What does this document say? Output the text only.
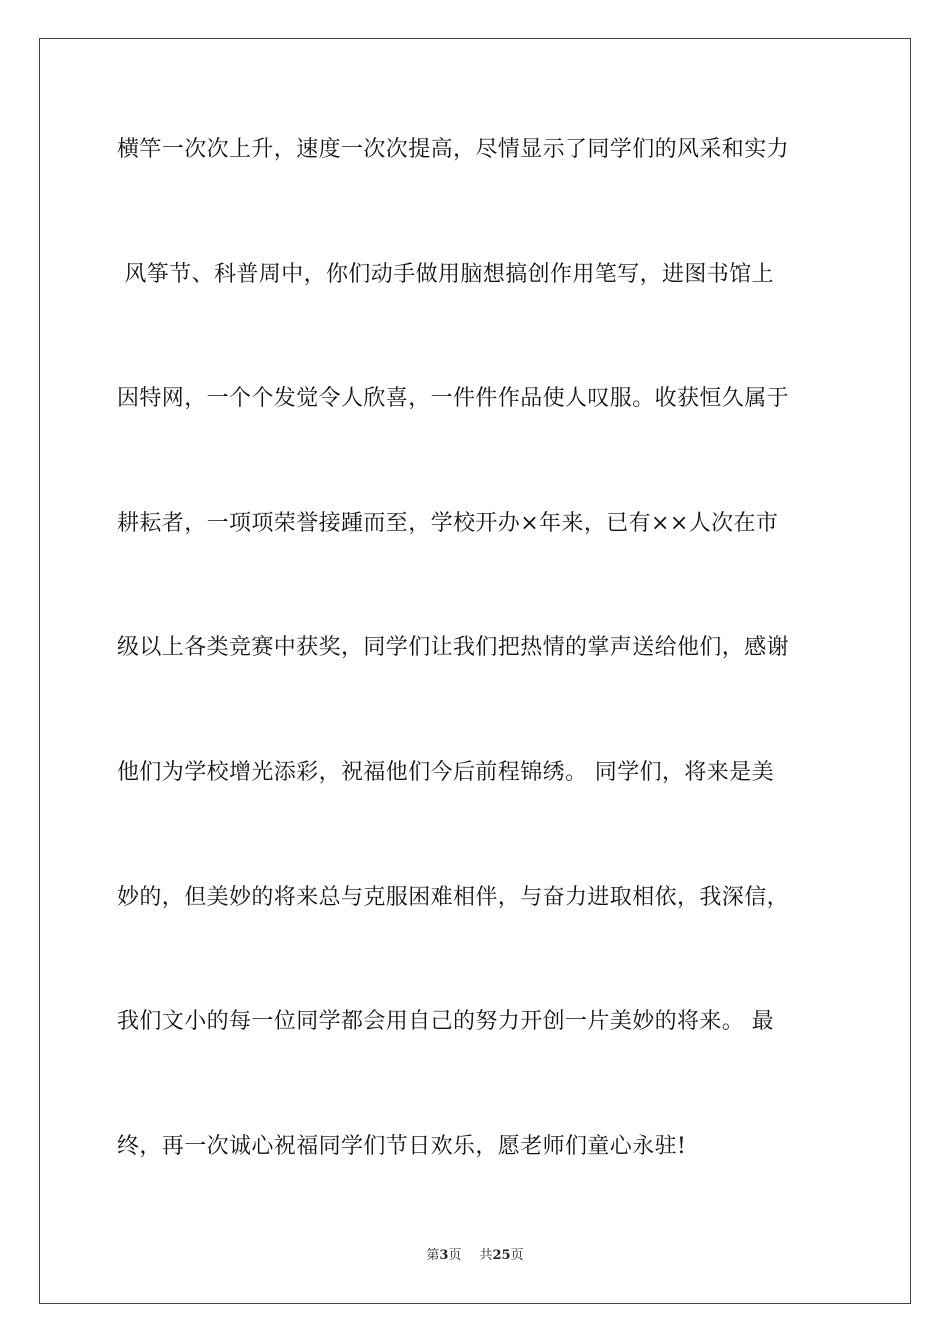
横竿一次次上升，速度一次次提高，尽情显示了同学们的风采和实力
风筝节、科普周中，你们动手做用脑想搞创作用笔写，进图书馆上
因特网，一个个发觉令人欣喜，一件件作品使人叹服。收获恒久属于
耕耘者，一项项荣誉接踵而至，学校开办×年来，已有××人次在市
级以上各类竞赛中获奖，同学们让我们把热情的掌声送给他们，感谢
他们为学校增光添彩，祝福他们今后前程锦绣。 同学们，将来是美
妙的，但美妙的将来总与克服困难相伴，与奋力进取相依，我深信，
我们文小的每一位同学都会用自己的努力开创一片美妙的将来。 最
终，再一次诚心祝福同学们节日欢乐，愿老师们童心永驻!
第3页 共25页
